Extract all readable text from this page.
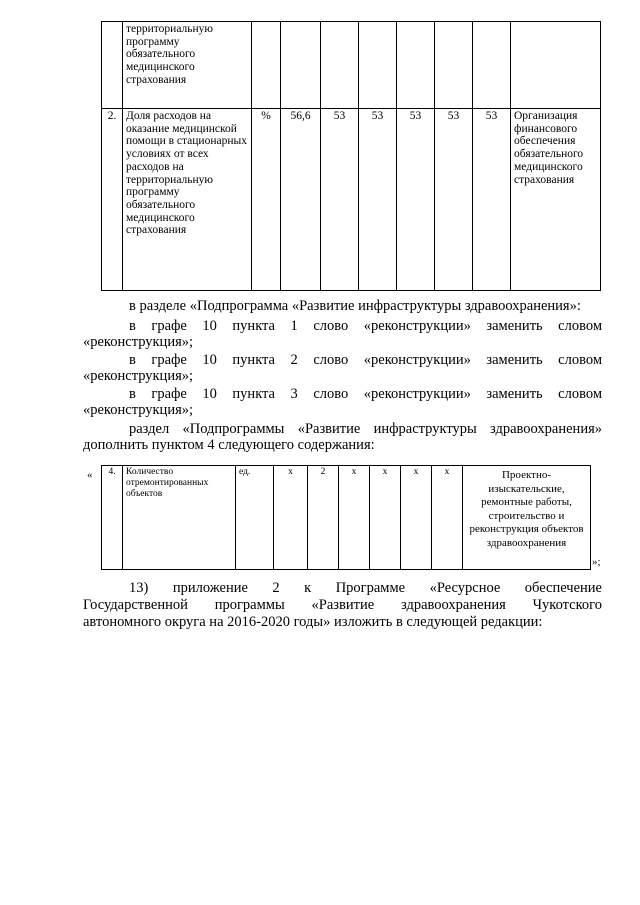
	территориальную программу обязательного медицинского страхования								
2.	Доля расходов на оказание медицинской помощи в стационарных условиях от всех расходов на территориальную программу обязательного медицинского страхования	%	56,6	53	53	53	53	53	Организация финансового обеспечения обязательного медицинского страхования
в разделе «Подпрограмма «Развитие инфраструктуры здравоохранения»:
в графе 10 пункта 1 слово «реконструкции» заменить словом
«реконструкция»;
в графе 10 пункта 2 слово «реконструкции» заменить словом
«реконструкция»;
в графе 10 пункта 3 слово «реконструкции» заменить словом
«реконструкция»;
раздел «Подпрограммы «Развитие инфраструктуры здравоохранения»
дополнить пунктом 4 следующего содержания:
« 4.	Количество отремонтированных объектов	ед.	х	2	х	х	х	х	Проектно-изыскательские, ремонтные работы, строительство и реконструкция объектов здравоохранения
»;
13) приложение 2 к Программе «Ресурсное обеспечение
Государственной программы «Развитие здравоохранения Чукотского
автономного округа на 2016-2020 годы» изложить в следующей редакции:
